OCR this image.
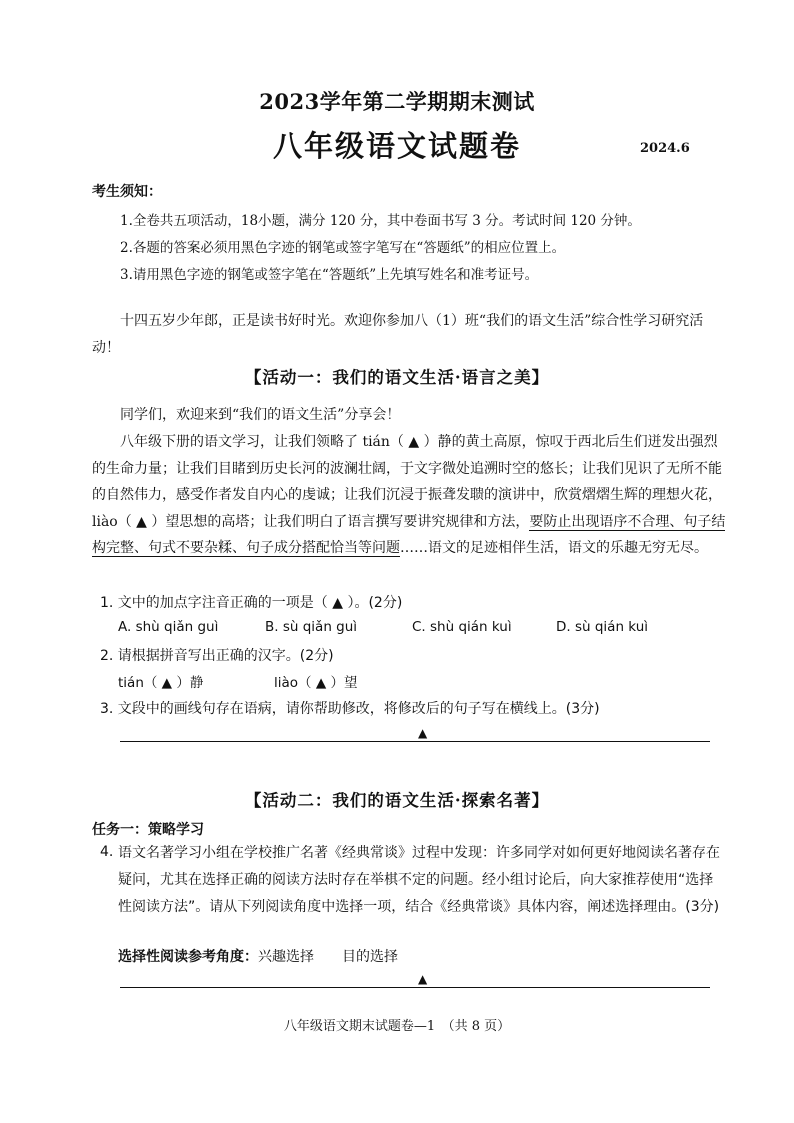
2023学年第二学期期末测试
八年级语文试题卷	2024.6
考生须知：
1.全卷共五项活动，18小题，满分 120 分，其中卷面书写 3 分。考试时间 120 分钟。
2.各题的答案必须用黑色字迹的钢笔或签字笔写在“答题纸”的相应位置上。
3.请用黑色字迹的钢笔或签字笔在“答题纸”上先填写姓名和准考证号。
十四五岁少年郎，正是读书好时光。欢迎你参加八（1）班“我们的语文生活”综合性学习研究活动！
【活动一：我们的语文生活·语言之美】
同学们，欢迎来到“我们的语文生活”分享会！
八年级下册的语文学习，让我们领略了 tián（ ▲ ）静的黄土高原，惊叹于西北后生们迸发出强烈的生命力量；让我们目睹到历史长河的波澜壮阔，于文字微处追溯时空的悠长；让我们见识了无所不能的自然伟力，感受作者发自内心的虔诚；让我们沉浸于振聋发聩的演讲中，欣赏熠熠生辉的理想火花，liào（ ▲ ）望思想的高塔；让我们明白了语言撰写要讲究规律和方法，要防止出现语序不合理、句子结构完整、句式不要杂糅、句子成分搭配恰当等问题……语文的足迹相伴生活，语文的乐趣无穷无尽。
1. 文中的加点字注音正确的一项是（ ▲ ）。(2分)
A. shù qiǎn guì	B. sù qiǎn guì	C. shù qián kuì	D. sù qián kuì
2. 请根据拼音写出正确的汉字。(2分)
tián（ ▲ ）静	liào（ ▲ ）望
3. 文段中的画线句存在语病，请你帮助修改，将修改后的句子写在横线上。(3分)
▲
【活动二：我们的语文生活·探索名著】
任务一：策略学习
4. 语文名著学习小组在学校推广名著《经典常谈》过程中发现：许多同学对如何更好地阅读名著存在疑问，尤其在选择正确的阅读方法时存在举棋不定的问题。经小组讨论后，向大家推荐使用“选择性阅读方法”。请从下列阅读角度中选择一项，结合《经典常谈》具体内容，阐述选择理由。(3分)
选择性阅读参考角度：兴趣选择 目的选择
▲
八年级语文期末试题卷—1　（共 8 页）
